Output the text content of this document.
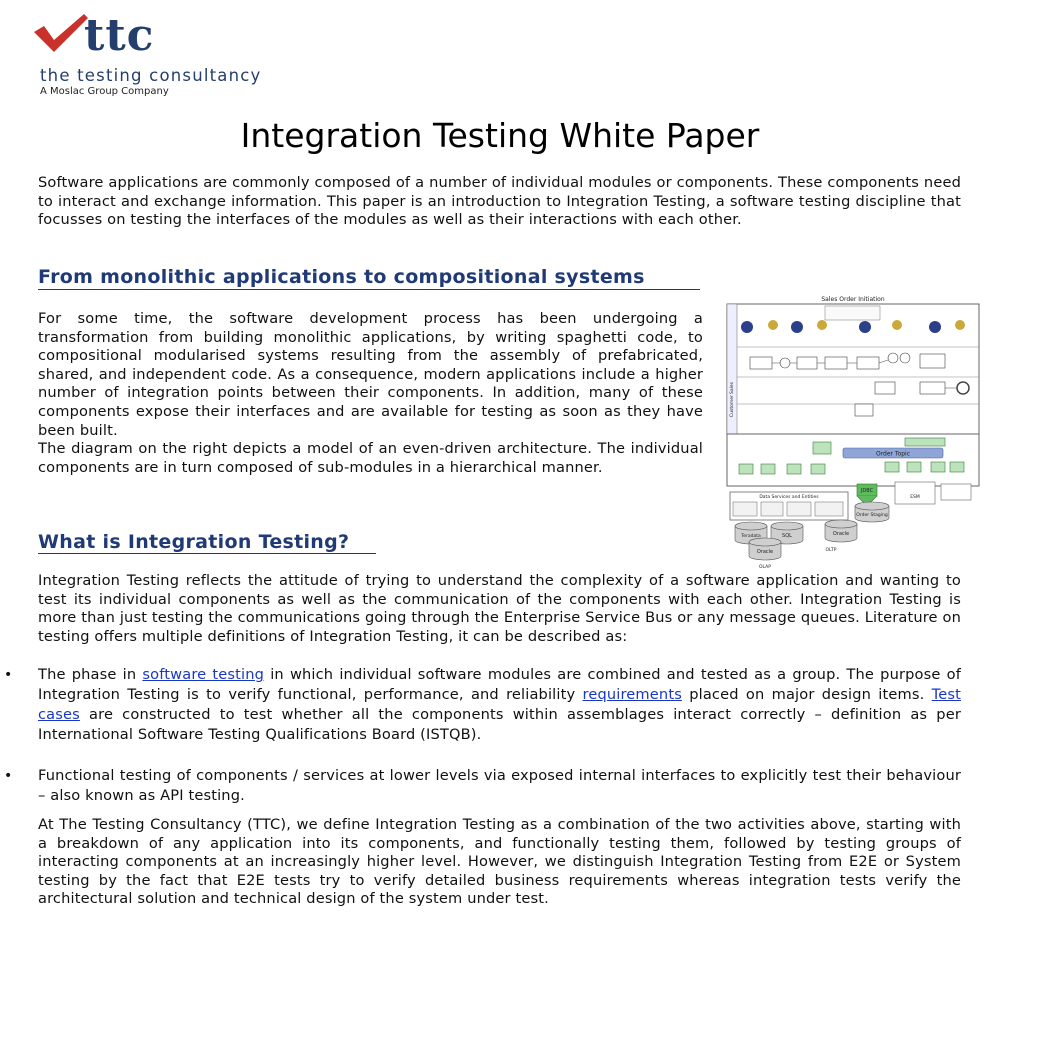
ttc
the testing consultancy
A Moslac Group Company
Integration Testing White Paper

Software applications are commonly composed of a number of individual modules or components. These components need to interact and exchange information. This paper is an introduction to Integration Testing, a software testing discipline that focusses on testing the interfaces of the modules as well as their interactions with each other.

From monolithic applications to compositional systems
For some time, the software development process has been undergoing a transformation from building monolithic applications, by writing spaghetti code, to compositional modularised systems resulting from the assembly of prefabricated, shared, and independent code. As a consequence, modern applications include a higher number of integration points between their components. In addition, many of these components expose their interfaces and are available for testing as soon as they have been built.
The diagram on the right depicts a model of an even-driven architecture. The individual components are in turn composed of sub-modules in a hierarchical manner.
Sales Order Initiation
Sales
Customer
Order Topic
Data Services and Entities
JDBC
ESM
Teradata	SQL
Oracle
Oracle
Order Staging
OLAP
OLTP
What is Integration Testing?

Integration Testing reflects the attitude of trying to understand the complexity of a software application and wanting to test its individual components as well as the communication of the components with each other. Integration Testing is more than just testing the communications going through the Enterprise Service Bus or any message queues. Literature on testing offers multiple definitions of Integration Testing, it can be described as:

• The phase in software testing in which individual software modules are combined and tested as a group. The purpose of Integration Testing is to verify functional, performance, and reliability requirements placed on major design items. Test cases are constructed to test whether all the components within assemblages interact correctly – definition as per International Software Testing Qualifications Board (ISTQB).

• Functional testing of components / services at lower levels via exposed internal interfaces to explicitly test their behaviour – also known as API testing.

At The Testing Consultancy (TTC), we define Integration Testing as a combination of the two activities above, starting with a breakdown of any application into its components, and functionally testing them, followed by testing groups of interacting components at an increasingly higher level. However, we distinguish Integration Testing from E2E or System testing by the fact that E2E tests try to verify detailed business requirements whereas integration tests verify the architectural solution and technical design of the system under test.
